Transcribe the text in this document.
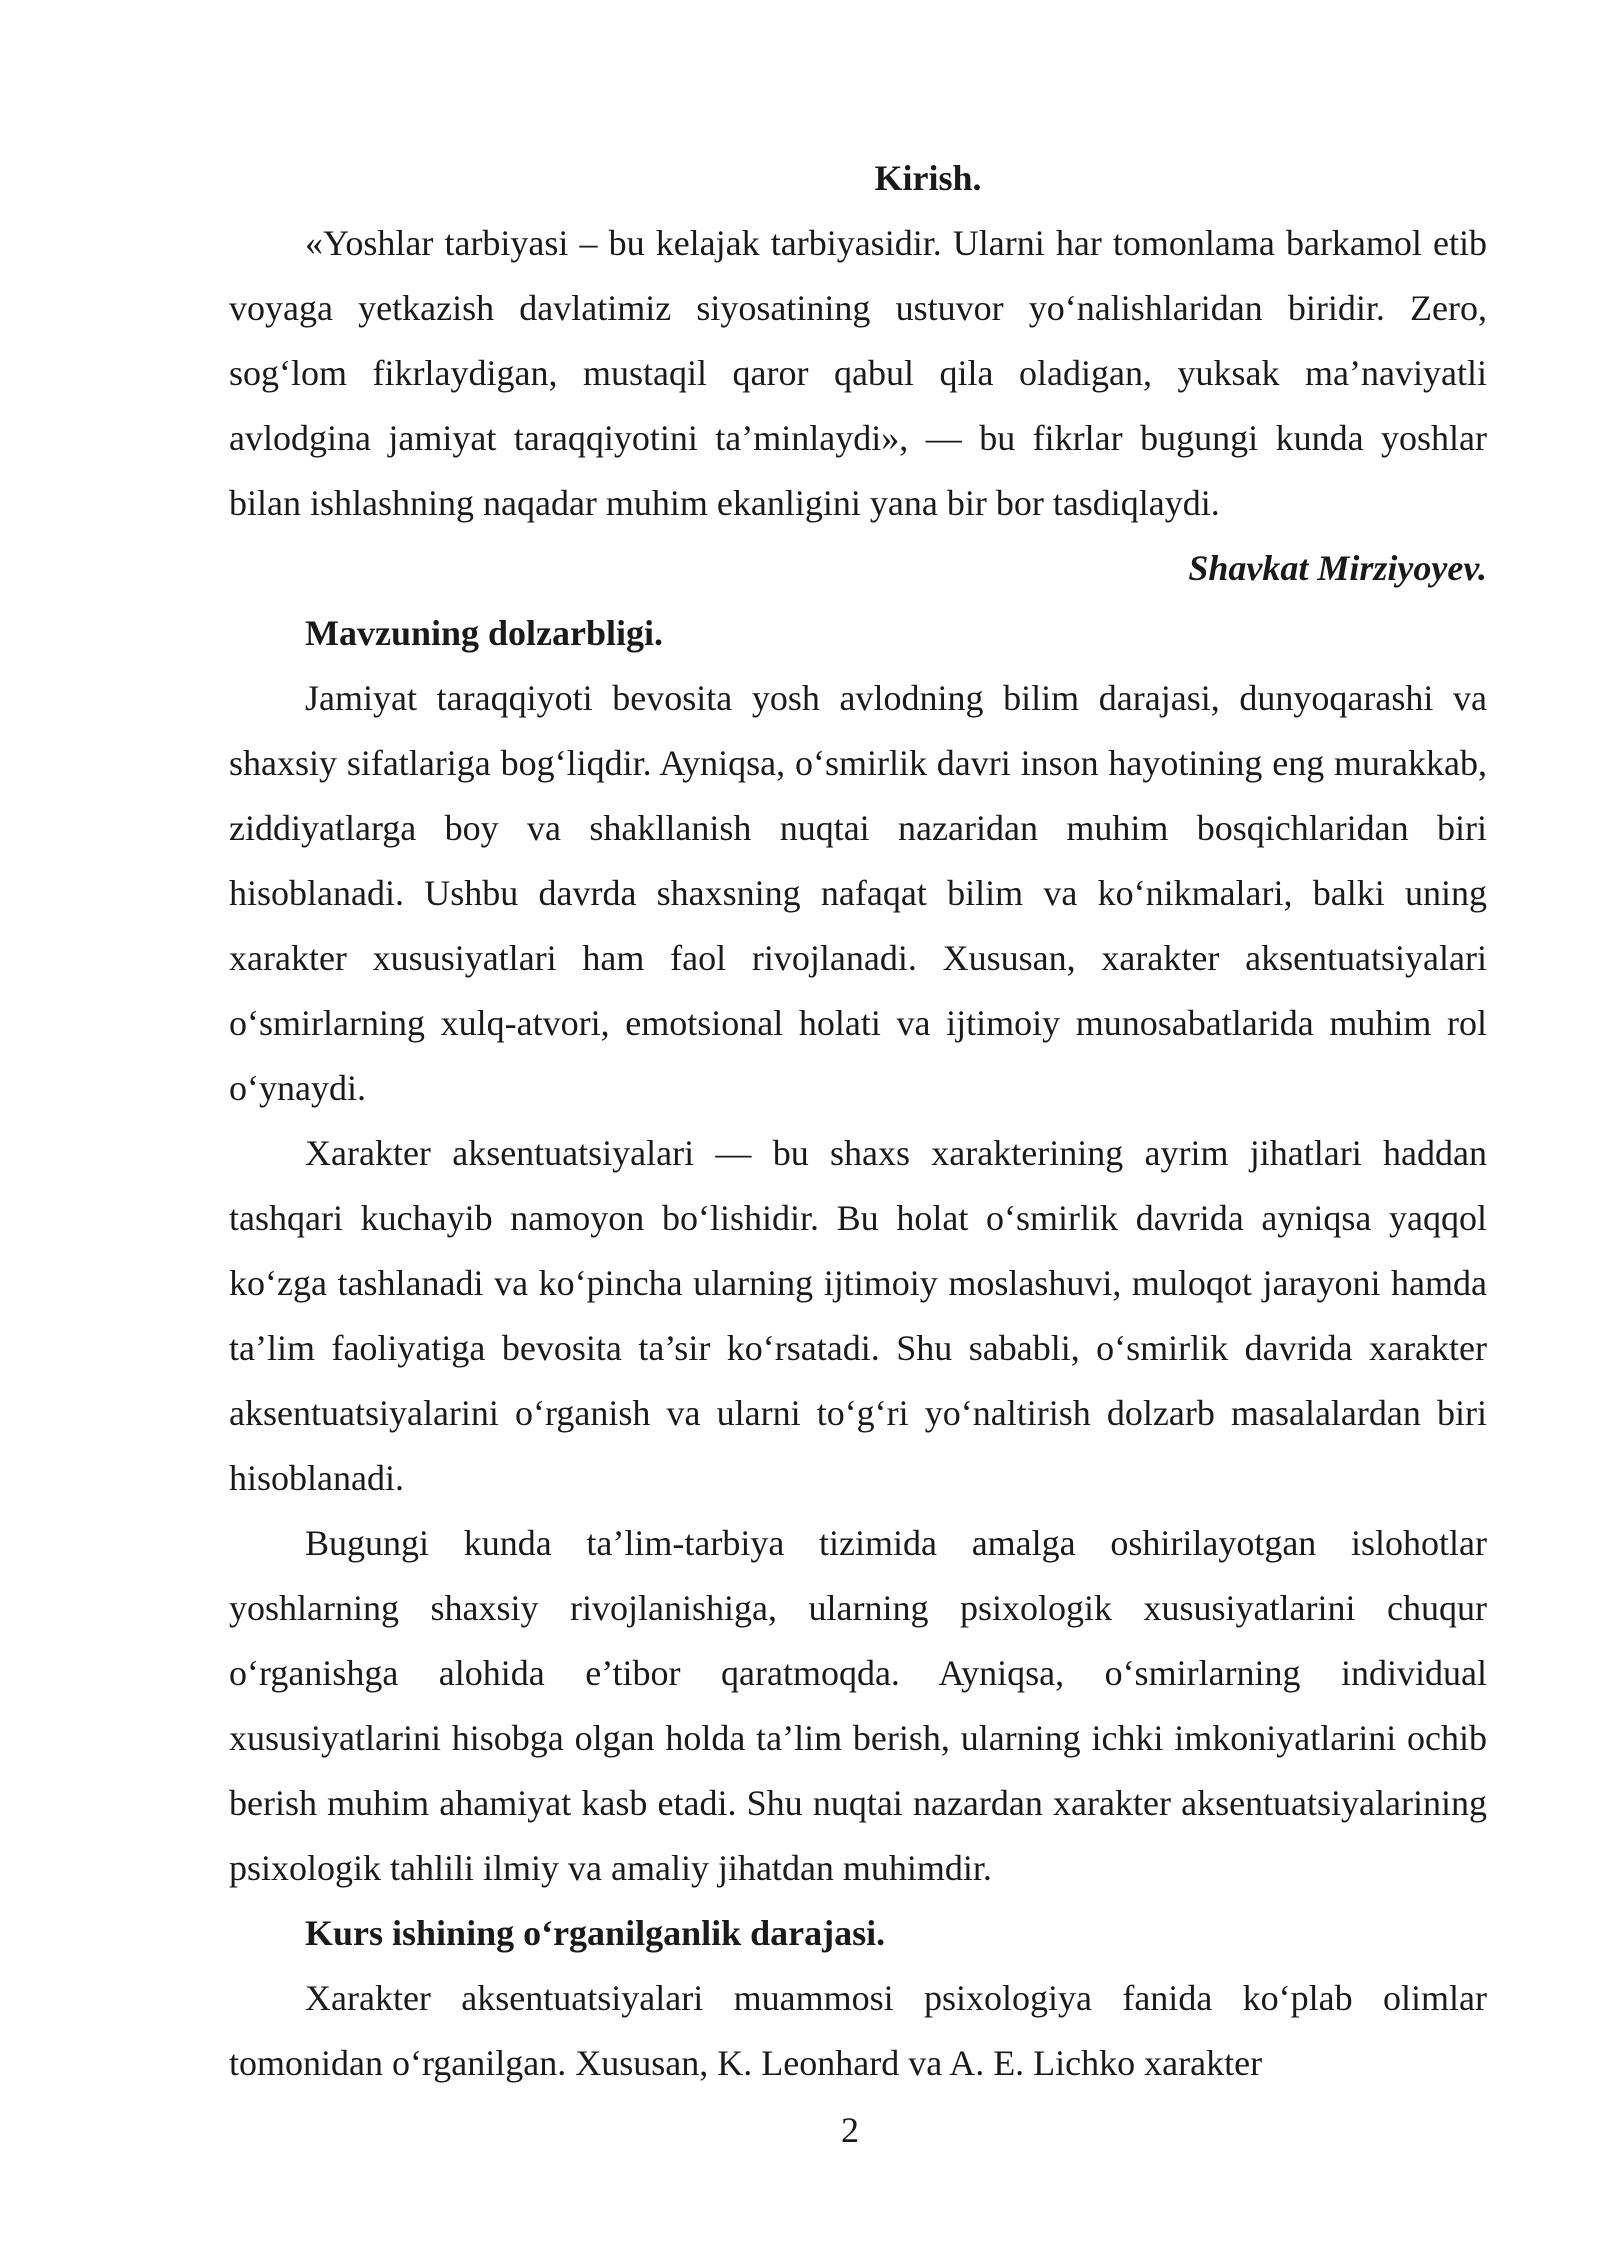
Kirish.

«Yoshlar tarbiyasi – bu kelajak tarbiyasidir. Ularni har tomonlama barkamol etib voyaga yetkazish davlatimiz siyosatining ustuvor yo‘nalishlaridan biridir. Zero, sog‘lom fikrlaydigan, mustaqil qaror qabul qila oladigan, yuksak ma’naviyatli avlodgina jamiyat taraqqiyotini ta’minlaydi», — bu fikrlar bugungi kunda yoshlar bilan ishlashning naqadar muhim ekanligini yana bir bor tasdiqlaydi.

Shavkat Mirziyoyev.

Mavzuning dolzarbligi.

Jamiyat taraqqiyoti bevosita yosh avlodning bilim darajasi, dunyoqarashi va shaxsiy sifatlariga bog‘liqdir. Ayniqsa, o‘smirlik davri inson hayotining eng murakkab, ziddiyatlarga boy va shakllanish nuqtai nazaridan muhim bosqichlaridan biri hisoblanadi. Ushbu davrda shaxsning nafaqat bilim va ko‘nikmalari, balki uning xarakter xususiyatlari ham faol rivojlanadi. Xususan, xarakter aksentuatsiyalari o‘smirlarning xulq-atvori, emotsional holati va ijtimoiy munosabatlarida muhim rol o‘ynaydi.

Xarakter aksentuatsiyalari — bu shaxs xarakterining ayrim jihatlari haddan tashqari kuchayib namoyon bo‘lishidir. Bu holat o‘smirlik davrida ayniqsa yaqqol ko‘zga tashlanadi va ko‘pincha ularning ijtimoiy moslashuvi, muloqot jarayoni hamda ta’lim faoliyatiga bevosita ta’sir ko‘rsatadi. Shu sababli, o‘smirlik davrida xarakter aksentuatsiyalarini o‘rganish va ularni to‘g‘ri yo‘naltirish dolzarb masalalardan biri hisoblanadi.

Bugungi kunda ta’lim-tarbiya tizimida amalga oshirilayotgan islohotlar yoshlarning shaxsiy rivojlanishiga, ularning psixologik xususiyatlarini chuqur o‘rganishga alohida e’tibor qaratmoqda. Ayniqsa, o‘smirlarning individual xususiyatlarini hisobga olgan holda ta’lim berish, ularning ichki imkoniyatlarini ochib berish muhim ahamiyat kasb etadi. Shu nuqtai nazardan xarakter aksentuatsiyalarining psixologik tahlili ilmiy va amaliy jihatdan muhimdir.

Kurs ishining o‘rganilganlik darajasi.

Xarakter aksentuatsiyalari muammosi psixologiya fanida ko‘plab olimlar tomonidan o‘rganilgan. Xususan, K. Leonhard va A. E. Lichko xarakter

2
